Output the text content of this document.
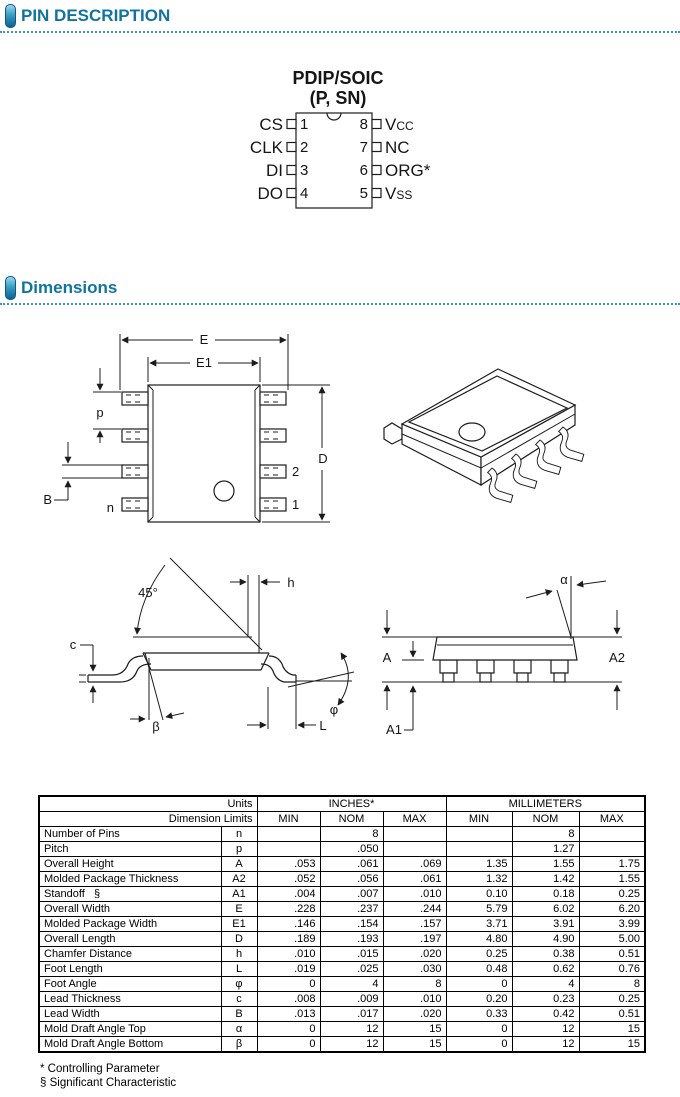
PIN DESCRIPTION
PDIP/SOIC
(P, SN)
CS
CLK
DI
DO
1
2
3
4
8
7
6
5
VCC
NC
ORG*
VSS
Dimensions
E
E1
2
1
D
p
B
n
45°
h
c
β
φ
L
α
A	A2
A1
Units		INCHES*			MILLIMETERS		
Dimension Limits		MIN	NOM	MAX	MIN	NOM	MAX
Number of Pins	n		8			8	
Pitch	p		.050			1.27	
Overall Height	A	.053	.061	.069	1.35	1.55	1.75
Molded Package Thickness	A2	.052	.056	.061	1.32	1.42	1.55
Standoff   §	A1	.004	.007	.010	0.10	0.18	0.25
Overall Width	E	.228	.237	.244	5.79	6.02	6.20
Molded Package Width	E1	.146	.154	.157	3.71	3.91	3.99
Overall Length	D	.189	.193	.197	4.80	4.90	5.00
Chamfer Distance	h	.010	.015	.020	0.25	0.38	0.51
Foot Length	L	.019	.025	.030	0.48	0.62	0.76
Foot Angle	φ	0	4	8	0	4	8
Lead Thickness	c	.008	.009	.010	0.20	0.23	0.25
Lead Width	B	.013	.017	.020	0.33	0.42	0.51
Mold Draft Angle Top	α	0	12	15	0	12	15
Mold Draft Angle Bottom	β	0	12	15	0	12	15
* Controlling Parameter
§ Significant Characteristic
